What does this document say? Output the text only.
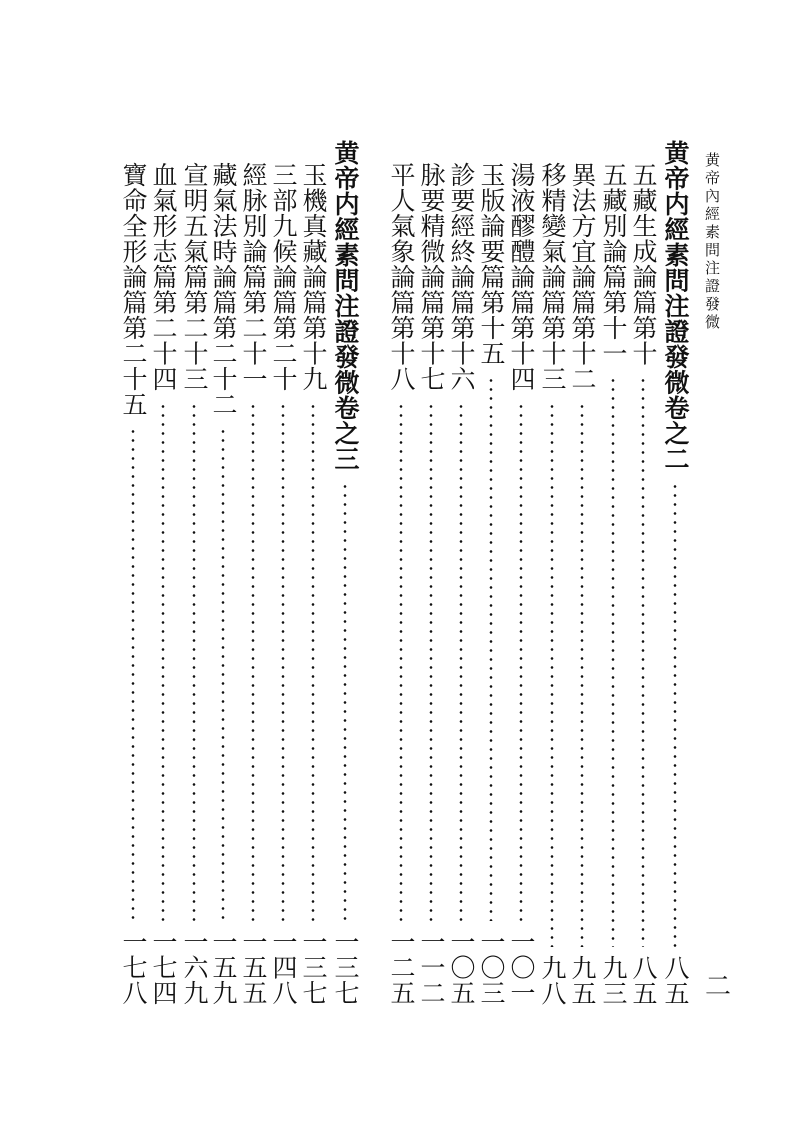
黄帝內經素問注證發微
二
黄帝内經素問注證發微卷之二
八五
五藏生成論篇第十
八五
五藏別論篇第十一
九三
異法方宜論篇第十二
九五
移精變氣論篇第十三
九八
湯液醪醴論篇第十四
一〇一
玉版論要篇第十五
一〇三
診要經終論篇第十六
一〇五
脉要精微論篇第十七
一一二
平人氣象論篇第十八
一二五
黄帝内經素問注證發微卷之三
一三七
玉機真藏論篇第十九
一三七
三部九候論篇第二十
一四八
經脉別論篇第二十一
一五五
藏氣法時論篇第二十二
一五九
宣明五氣篇第二十三
一六九
血氣形志篇第二十四
一七四
寶命全形論篇第二十五
一七八
